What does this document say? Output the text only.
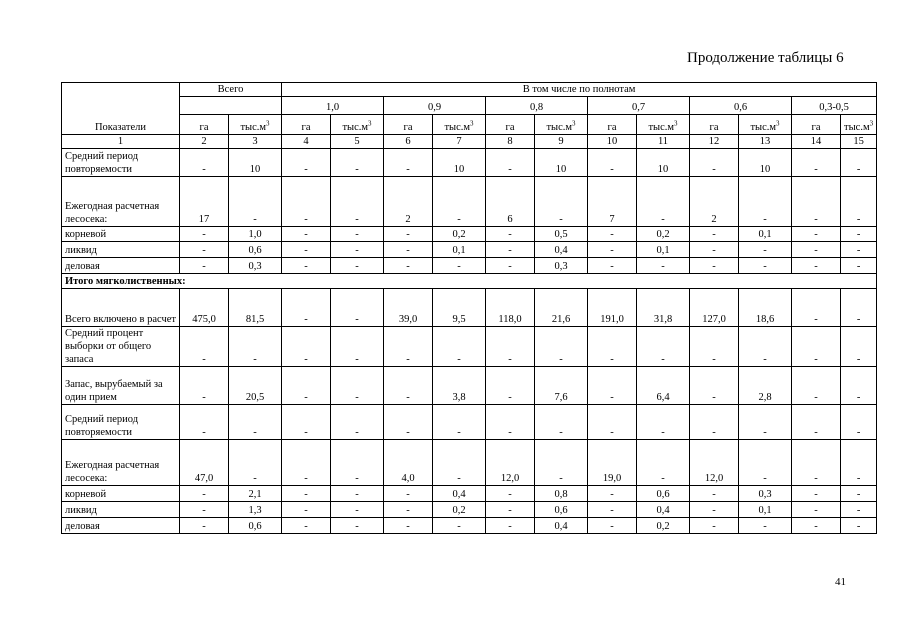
Продолжение таблицы 6
Показатели	Всего		В том числе по полнотам											
			1,0		0,9		0,8		0,7		0,6		0,3-0,5	
	га	$тыс.м^3$	га	$тыс.м^3$	га	$тыс.м^3$	га	$тыс.м^3$	га	$тыс.м^3$	га	$тыс.м^3$	га	$тыс.м^3$
1	2	3	4	5	6	7	8	9	10	11	12	13	14	15
Средний период повторяемости	-	10	-	-	-	10	-	10	-	10	-	10	-	-
Ежегодная расчетная лесосека:	17	-	-	-	2	-	6	-	7	-	2	-	-	-
корневой	-	1,0	-	-	-	0,2	-	0,5	-	0,2	-	0,1	-	-
ликвид	-	0,6	-	-	-	0,1	-	0,4	-	0,1	-	-	-	-
деловая	-	0,3	-	-	-	-	-	0,3	-	-	-	-	-	-
Итого мягколиственных:														
Всего включено в расчет	475,0	81,5	-	-	39,0	9,5	118,0	21,6	191,0	31,8	127,0	18,6	-	-
Средний процент выборки от общего запаса	-	-	-	-	-	-	-	-	-	-	-	-	-	-
Запас, вырубаемый за один прием	-	20,5	-	-	-	3,8	-	7,6	-	6,4	-	2,8	-	-
Средний период повторяемости	-	-	-	-	-	-	-	-	-	-	-	-	-	-
Ежегодная расчетная лесосека:	47,0	-	-	-	4,0	-	12,0	-	19,0	-	12,0	-	-	-
корневой	-	2,1	-	-	-	0,4	-	0,8	-	0,6	-	0,3	-	-
ликвид	-	1,3	-	-	-	0,2	-	0,6	-	0,4	-	0,1	-	-
деловая	-	0,6	-	-	-	-	-	0,4	-	0,2	-	-	-	-
41
